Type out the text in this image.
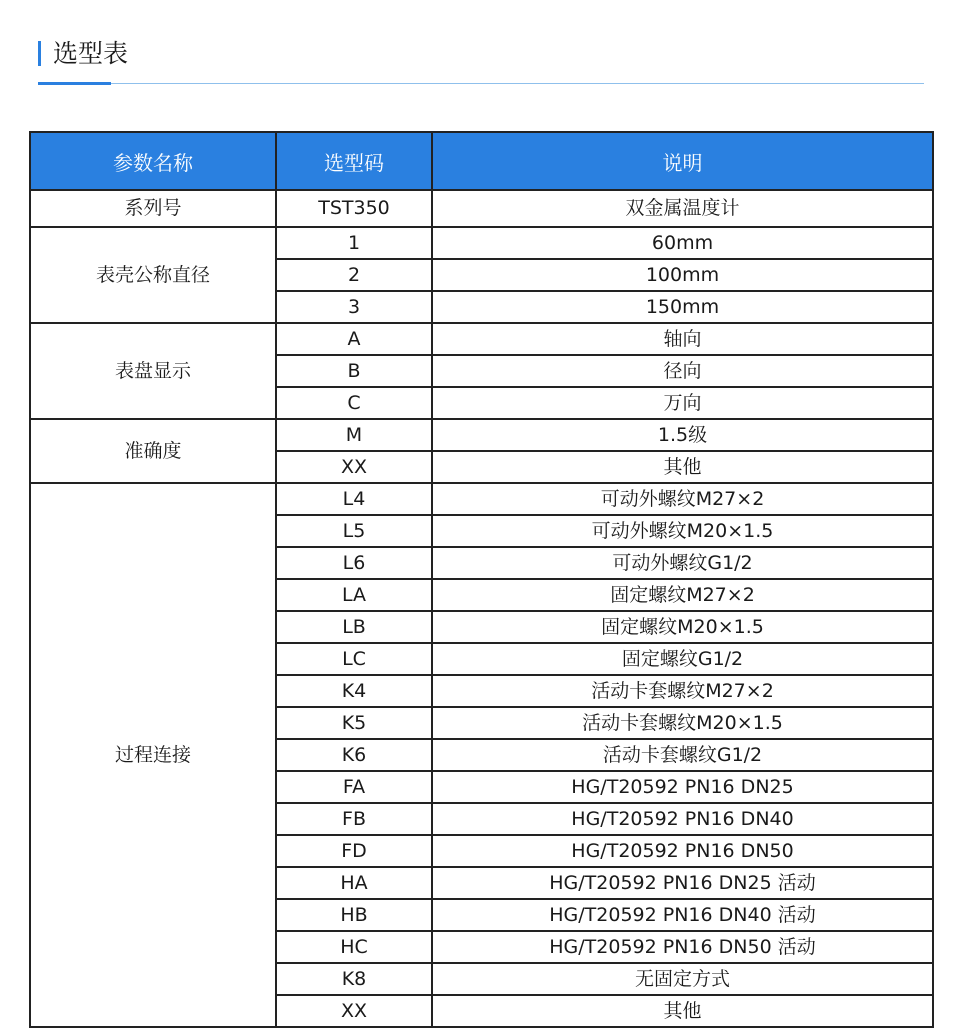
选型表
参数名称	选型码	说明
系列号	TST350	双金属温度计
表壳公称直径	1	60mm
	2	100mm
	3	150mm
表盘显示	A	轴向
	B	径向
	C	万向
准确度	M	1.5级
	XX	其他
过程连接	L4	可动外螺纹M27×2
	L5	可动外螺纹M20×1.5
	L6	可动外螺纹G1/2
	LA	固定螺纹M27×2
	LB	固定螺纹M20×1.5
	LC	固定螺纹G1/2
	K4	活动卡套螺纹M27×2
	K5	活动卡套螺纹M20×1.5
	K6	活动卡套螺纹G1/2
	FA	HG/T20592 PN16 DN25
	FB	HG/T20592 PN16 DN40
	FD	HG/T20592 PN16 DN50
	HA	HG/T20592 PN16 DN25 活动
	HB	HG/T20592 PN16 DN40 活动
	HC	HG/T20592 PN16 DN50 活动
	K8	无固定方式
	XX	其他
